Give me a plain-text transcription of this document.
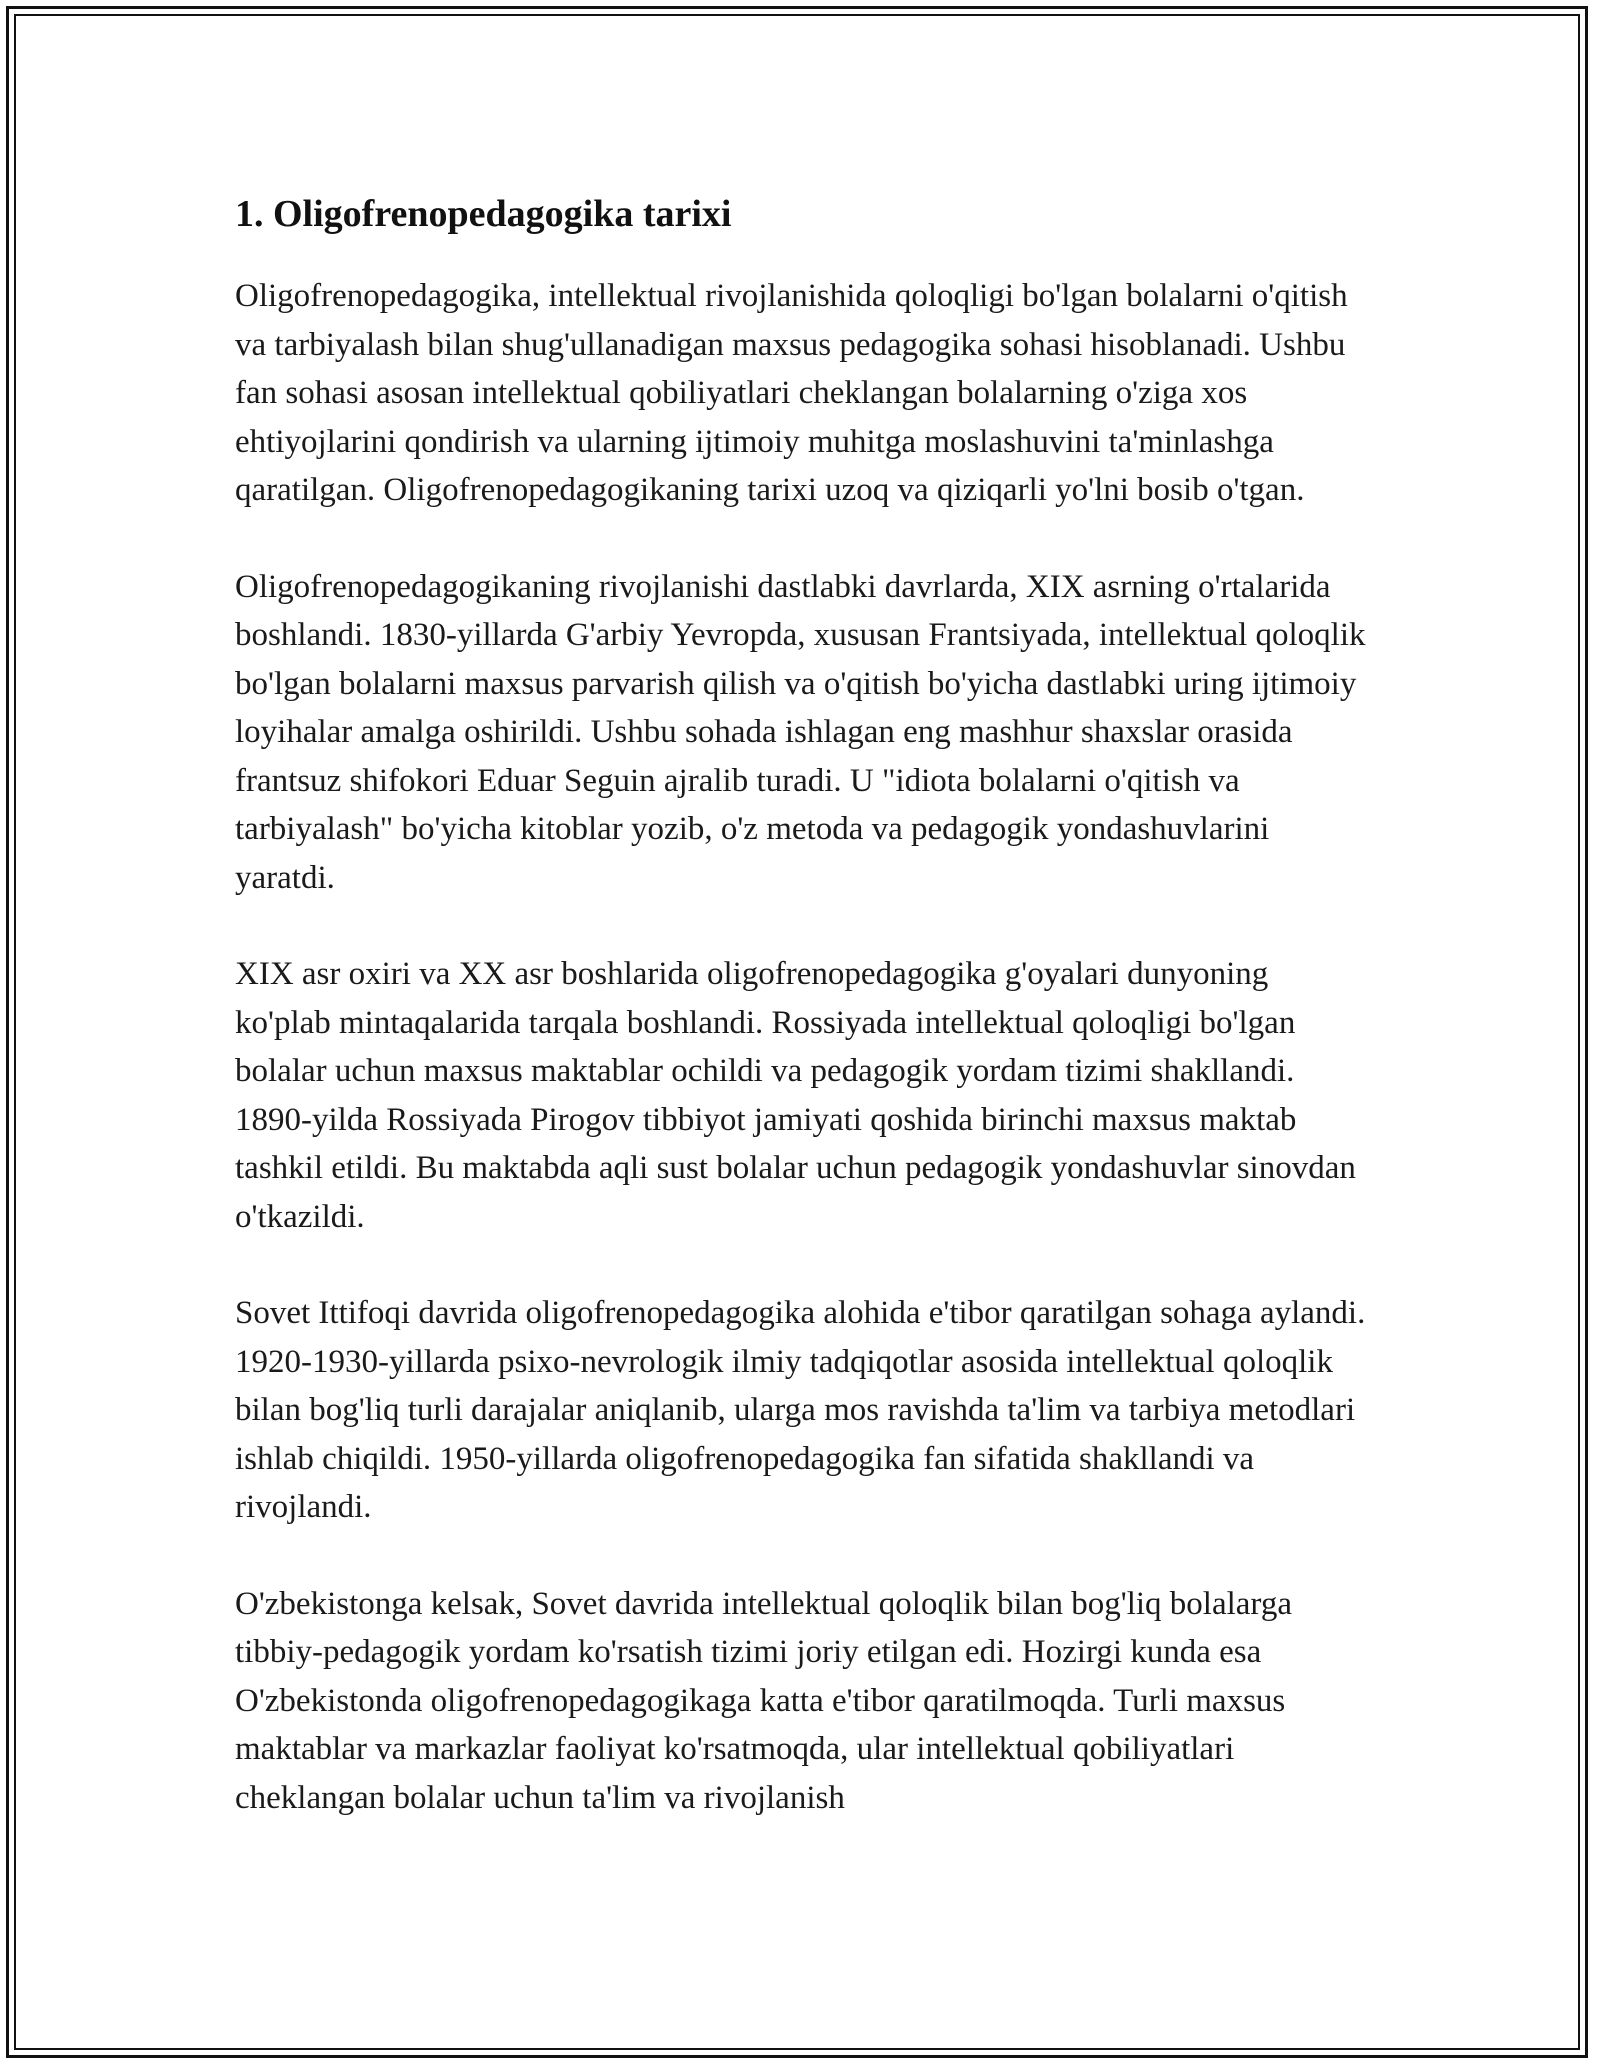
1. Oligofrenopedagogika tarixi

Oligofrenopedagogika, intellektual rivojlanishida qoloqligi bo'lgan bolalarni o'qitish va tarbiyalash bilan shug'ullanadigan maxsus pedagogika sohasi hisoblanadi. Ushbu fan sohasi asosan intellektual qobiliyatlari cheklangan bolalarning o'ziga xos ehtiyojlarini qondirish va ularning ijtimoiy muhitga moslashuvini ta'minlashga qaratilgan. Oligofrenopedagogikaning tarixi uzoq va qiziqarli yo'lni bosib o'tgan.

Oligofrenopedagogikaning rivojlanishi dastlabki davrlarda, XIX asrning o'rtalarida boshlandi. 1830-yillarda G'arbiy Yevropda, xususan Frantsiyada, intellektual qoloqlik bo'lgan bolalarni maxsus parvarish qilish va o'qitish bo'yicha dastlabki uring ijtimoiy loyihalar amalga oshirildi. Ushbu sohada ishlagan eng mashhur shaxslar orasida frantsuz shifokori Eduar Seguin ajralib turadi. U "idiota bolalarni o'qitish va tarbiyalash" bo'yicha kitoblar yozib, o'z metoda va pedagogik yondashuvlarini yaratdi.

XIX asr oxiri va XX asr boshlarida oligofrenopedagogika g'oyalari dunyoning ko'plab mintaqalarida tarqala boshlandi. Rossiyada intellektual qoloqligi bo'lgan bolalar uchun maxsus maktablar ochildi va pedagogik yordam tizimi shakllandi. 1890-yilda Rossiyada Pirogov tibbiyot jamiyati qoshida birinchi maxsus maktab tashkil etildi. Bu maktabda aqli sust bolalar uchun pedagogik yondashuvlar sinovdan o'tkazildi.

Sovet Ittifoqi davrida oligofrenopedagogika alohida e'tibor qaratilgan sohaga aylandi. 1920-1930-yillarda psixo-nevrologik ilmiy tadqiqotlar asosida intellektual qoloqlik bilan bog'liq turli darajalar aniqlanib, ularga mos ravishda ta'lim va tarbiya metodlari ishlab chiqildi. 1950-yillarda oligofrenopedagogika fan sifatida shakllandi va rivojlandi.

O'zbekistonga kelsak, Sovet davrida intellektual qoloqlik bilan bog'liq bolalarga tibbiy-pedagogik yordam ko'rsatish tizimi joriy etilgan edi. Hozirgi kunda esa O'zbekistonda oligofrenopedagogikaga katta e'tibor qaratilmoqda. Turli maxsus maktablar va markazlar faoliyat ko'rsatmoqda, ular intellektual qobiliyatlari cheklangan bolalar uchun ta'lim va rivojlanish
